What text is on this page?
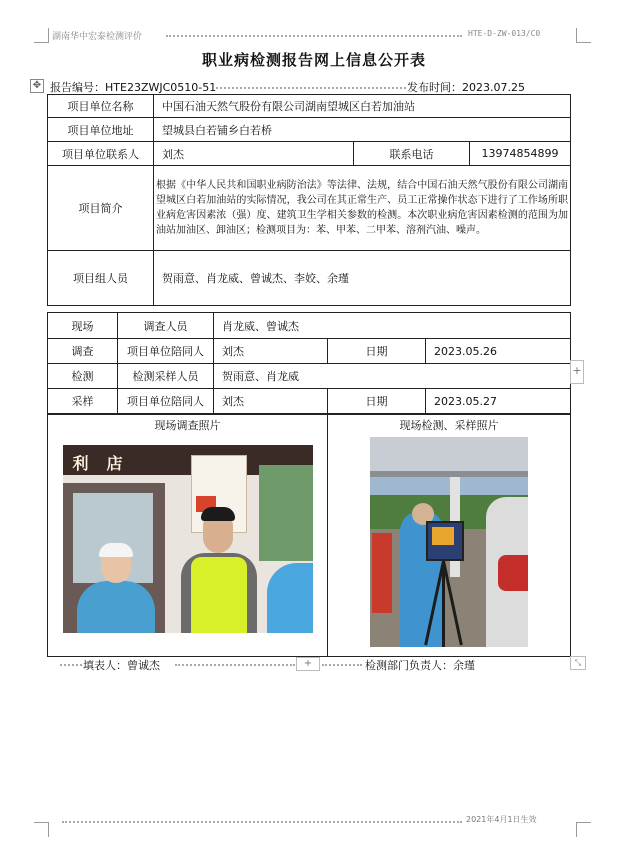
湖南华中宏泰检测评价	HTE-D-ZW-013/C0
职业病检测报告网上信息公开表
✥ 报告编号：HTE23ZWJC0510-51	发布时间：2023.07.25
项目单位名称	中国石油天然气股份有限公司湖南望城区白若加油站		
项目单位地址	望城县白若铺乡白若桥		
项目单位联系人	刘杰	联系电话	13974854899
项目简介	根据《中华人民共和国职业病防治法》等法律、法规，结合中国石油天然气股份有限公司湖南望城区白若加油站的实际情况，我公司在其正常生产、员工正常操作状态下进行了工作场所职业病危害因素浓（强）度、建筑卫生学相关参数的检测。本次职业病危害因素检测的范围为加油站加油区、卸油区；检测项目为：苯、甲苯、二甲苯、溶剂汽油、噪声。		
项目组人员	贺雨意、肖龙威、曾诚杰、李姣、余瑾		
现场	调查人员	肖龙威、曾诚杰		
调查	项目单位陪同人	刘杰	日期	2023.05.26
检测	检测采样人员	贺雨意、肖龙威		
采样	项目单位陪同人	刘杰	日期	2023.05.27
现场调查照片
利店

现场检测、采样照片
+
填表人：曾诚杰	+	检测部门负责人：余瑾	⤡
2021年4月1日生效
